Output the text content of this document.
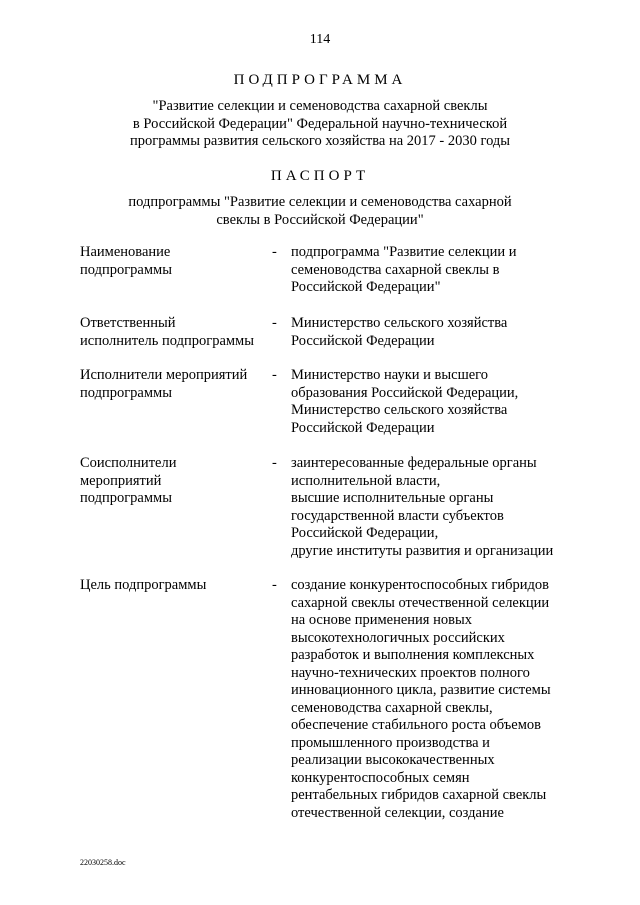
114
ПОДПРОГРАММА
"Развитие селекции и семеноводства сахарной свеклы
в Российской Федерации" Федеральной научно-технической
программы развития сельского хозяйства на 2017 - 2030 годы
ПАСПОРТ
подпрограммы "Развитие селекции и семеноводства сахарной
свеклы в Российской Федерации"
Наименование
подпрограммы
- подпрограмма "Развитие селекции и
семеноводства сахарной свеклы в
Российской Федерации"
Ответственный
исполнитель подпрограммы
- Министерство сельского хозяйства
Российской Федерации
Исполнители мероприятий
подпрограммы
- Министерство науки и высшего
образования Российской Федерации,
Министерство сельского хозяйства
Российской Федерации
Соисполнители
мероприятий
подпрограммы
- заинтересованные федеральные органы
исполнительной власти,
высшие исполнительные органы
государственной власти субъектов
Российской Федерации,
другие институты развития и организации
Цель подпрограммы	- создание конкурентоспособных гибридов
сахарной свеклы отечественной селекции
на основе применения новых
высокотехнологичных российских
разработок и выполнения комплексных
научно-технических проектов полного
инновационного цикла, развитие системы
семеноводства сахарной свеклы,
обеспечение стабильного роста объемов
промышленного производства и
реализации высококачественных
конкурентоспособных семян
рентабельных гибридов сахарной свеклы
отечественной селекции, создание
22030258.doc
